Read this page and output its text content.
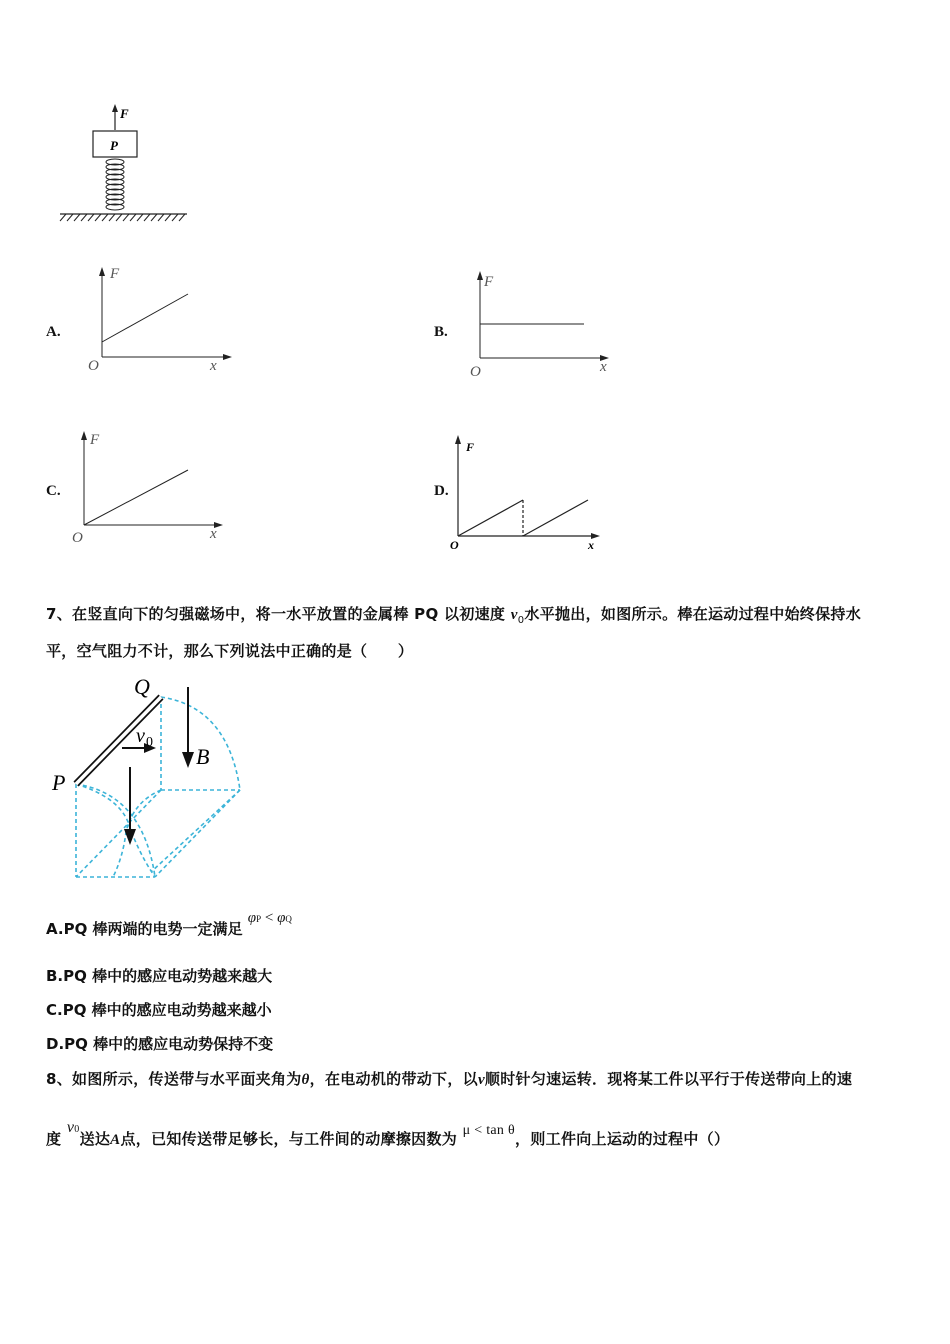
F
P
A.
F
x
O
B.
F
x
O
C.
F
x
O
D.
F
x
O
7、在竖直向下的匀强磁场中，将一水平放置的金属棒 PQ 以初速度 $v_0$水平抛出，如图所示。棒在运动过程中始终保持水
平，空气阻力不计，那么下列说法中正确的是（　　）
Q
P
v 0
B
A.PQ 棒两端的电势一定满足 φP < φQ
B.PQ 棒中的感应电动势越来越大
C.PQ 棒中的感应电动势越来越小
D.PQ 棒中的感应电动势保持不变
8、如图所示，传送带与水平面夹角为θ，在电动机的带动下，以v顺时针匀速运转．现将某工件以平行于传送带向上的速
度 v0送达A点，已知传送带足够长，与工件间的动摩擦因数为 μ < tan θ，则工件向上运动的过程中（）
